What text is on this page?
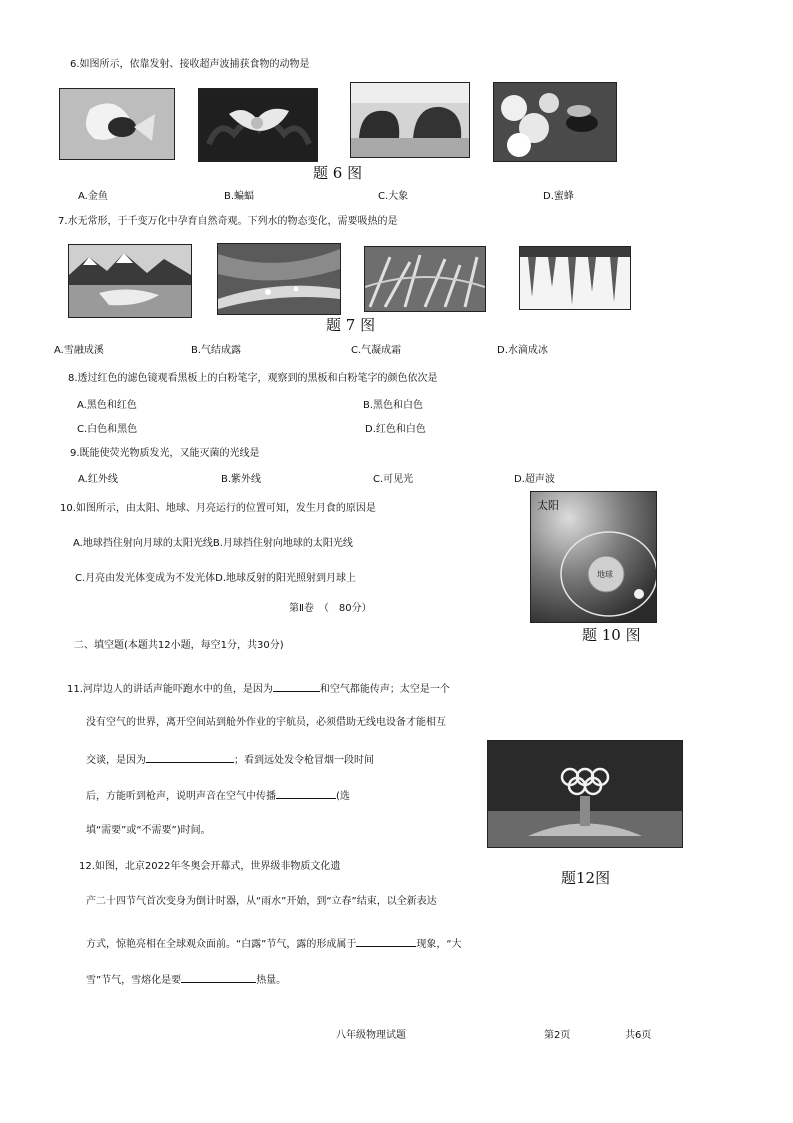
6.如图所示，依靠发射、接收超声波捕获食物的动物是
题 6 图
A.金鱼	B.蝙蝠	C.大象	D.蜜蜂
7.水无常形，于千变万化中孕育自然奇观。下列水的物态变化，需要吸热的是
题 7 图
A.雪融成溪	B.气结成露	C.气凝成霜	D.水滴成冰
8.透过红色的滤色镜观看黑板上的白粉笔字，观察到的黑板和白粉笔字的颜色依次是
A.黑色和红色	B.黑色和白色
C.白色和黑色	D.红色和白色
9.既能使荧光物质发光，又能灭菌的光线是
A.红外线	B.紫外线	C.可见光	D.超声波
10.如图所示，由太阳、地球、月亮运行的位置可知，发生月食的原因是
A.地球挡住射向月球的太阳光线B.月球挡住射向地球的太阳光线
C.月亮由发光体变成为不发光体D.地球反射的阳光照射到月球上
太阳
地球
题 10 图
第Ⅱ卷　（　80分）
二、填空题(本题共12小题，每空1分，共30分)
11.河岸边人的讲话声能吓跑水中的鱼，是因为	和空气都能传声；太空是一个
没有空气的世界，离开空间站到舱外作业的宇航员，必须借助无线电设备才能相互
交谈，是因为	；看到远处发令枪冒烟一段时间
后，方能听到枪声，说明声音在空气中传播	(选
填“需要”或“不需要”)时间。
12.如图，北京2022年冬奥会开幕式，世界级非物质文化遗
题12图
产二十四节气首次变身为倒计时器，从“雨水”开始，到“立春”结束，以全新表达
方式，惊艳亮相在全球观众面前。“白露”节气，露的形成属于	现象，“大
雪”节气，雪熔化是要	热量。
八年级物理试题	第2页	共6页
